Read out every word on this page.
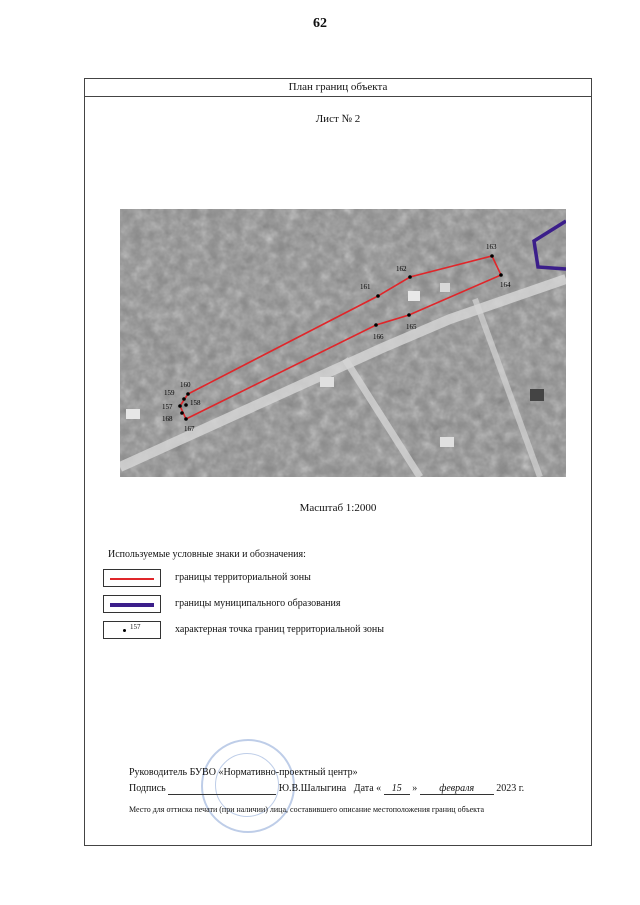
62
План границ объекта
Лист № 2
160
161
162
163
164
165
166
167
157	158
159
168
Масштаб 1:2000
Используемые условные знаки и обозначения:
границы территориальной зоны
границы муниципального образования
157	характерная точка границ территориальной зоны
Руководитель БУВО «Нормативно-проектный центр»
Подпись	Ю.В.Шалыгина Дата « 15 » февраля 2023 г.
Место для оттиска печати (при наличии) лица, составившего описание местоположения границ объекта
